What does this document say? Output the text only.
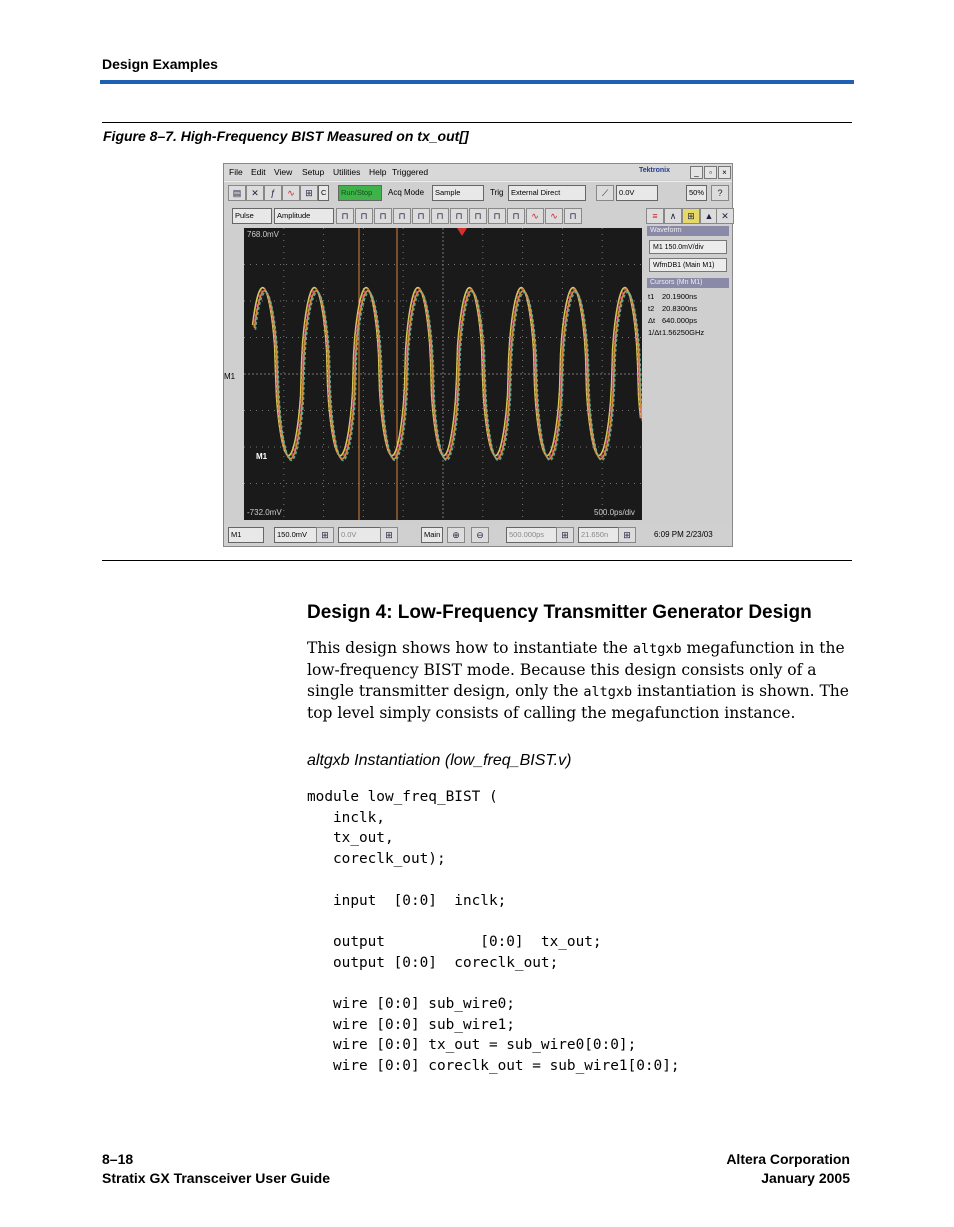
Design Examples
Figure 8–7. High-Frequency BIST Measured on tx_out[]
File Edit View Setup Utilities Help Triggered	Tektronix	_	▫	×
▤	✕	ƒ	∿	⊞	C	Run/Stop	Acq Mode	Sample	Trig	External Direct	⟋	0.0V	50%	?
Pulse	Amplitude	⊓	⊓	⊓	⊓	⊓	⊓	⊓	⊓	⊓	⊓	∿	∿	⊓	≡	∧	⊞	▲ ✕
M1
768.0mV
-732.0mV	500.0ps/div
M1
Waveform
M1 150.0mV/div
WfmDB1 (Main M1)
Cursors (Mn M1)
t1 20.1900ns
t2 20.8300ns
Δt 640.000ps
1/Δt1.56250GHz
M1	150.0mV	⊞	0.0V	⊞	Main	⊕	⊖	500.000ps	⊞	21.650n	⊞	6:09 PM 2/23/03
Design 4: Low-Frequency Transmitter Generator Design
This design shows how to instantiate the altgxb megafunction in the low-frequency BIST mode. Because this design consists only of a single transmitter design, only the altgxb instantiation is shown. The top level simply consists of calling the megafunction instance.
altgxb Instantiation (low_freq_BIST.v)
module low_freq_BIST (
inclk,
tx_out,
coreclk_out);

input  [0:0]  inclk;

output           [0:0]  tx_out;
output [0:0]  coreclk_out;

wire [0:0] sub_wire0;
wire [0:0] sub_wire1;
wire [0:0] tx_out = sub_wire0[0:0];
wire [0:0] coreclk_out = sub_wire1[0:0];
8–18
Stratix GX Transceiver User Guide
Altera Corporation
January 2005
